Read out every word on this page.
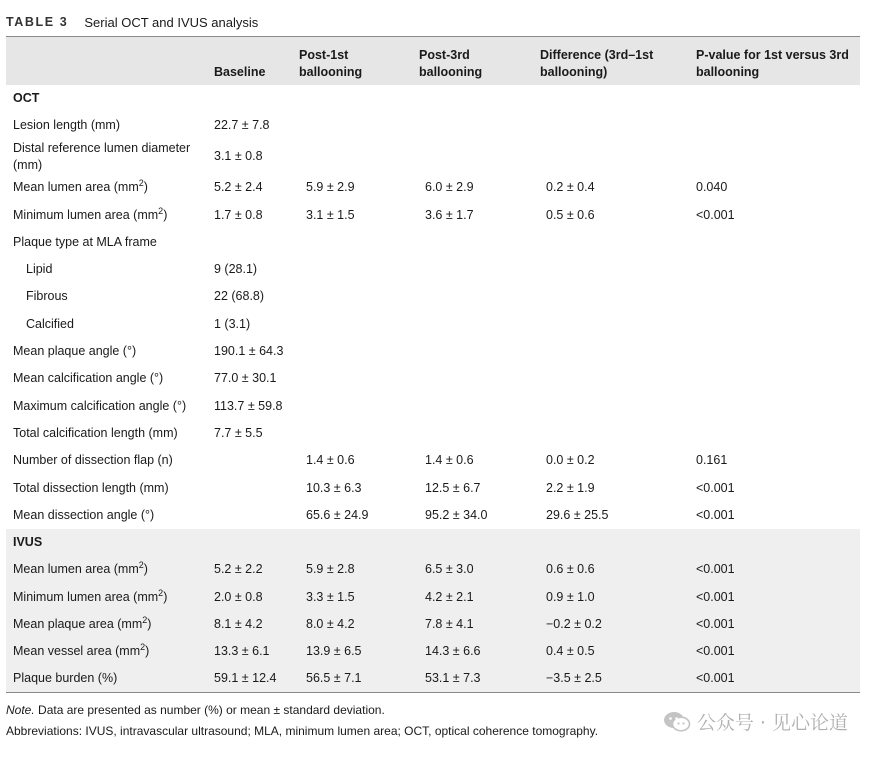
TABLE 3 Serial OCT and IVUS analysis
	Baseline	Post-1st ballooning	Post-3rd ballooning	Difference (3rd–1st ballooning)	P-value for 1st versus 3rd ballooning
OCT					
Lesion length (mm)	22.7 ± 7.8				
Distal reference lumen diameter (mm)	3.1 ± 0.8				
Mean lumen area $(mm^2)$	5.2 ± 2.4	5.9 ± 2.9	6.0 ± 2.9	0.2 ± 0.4	0.040
Minimum lumen area $(mm^2)$	1.7 ± 0.8	3.1 ± 1.5	3.6 ± 1.7	0.5 ± 0.6	<0.001
Plaque type at MLA frame					
Lipid	9 (28.1)				
Fibrous	22 (68.8)				
Calcified	1 (3.1)				
Mean plaque angle (°)	190.1 ± 64.3				
Mean calcification angle (°)	77.0 ± 30.1				
Maximum calcification angle (°)	113.7 ± 59.8				
Total calcification length (mm)	7.7 ± 5.5				
Number of dissection flap (n)		1.4 ± 0.6	1.4 ± 0.6	0.0 ± 0.2	0.161
Total dissection length (mm)		10.3 ± 6.3	12.5 ± 6.7	2.2 ± 1.9	<0.001
Mean dissection angle (°)		65.6 ± 24.9	95.2 ± 34.0	29.6 ± 25.5	<0.001
IVUS					
Mean lumen area $(mm^2)$	5.2 ± 2.2	5.9 ± 2.8	6.5 ± 3.0	0.6 ± 0.6	<0.001
Minimum lumen area $(mm^2)$	2.0 ± 0.8	3.3 ± 1.5	4.2 ± 2.1	0.9 ± 1.0	<0.001
Mean plaque area $(mm^2)$	8.1 ± 4.2	8.0 ± 4.2	7.8 ± 4.1	−0.2 ± 0.2	<0.001
Mean vessel area $(mm^2)$	13.3 ± 6.1	13.9 ± 6.5	14.3 ± 6.6	0.4 ± 0.5	<0.001
Plaque burden (%)	59.1 ± 12.4	56.5 ± 7.1	53.1 ± 7.3	−3.5 ± 2.5	<0.001
Note. Data are presented as number (%) or mean ± standard deviation.
Abbreviations: IVUS, intravascular ultrasound; MLA, minimum lumen area; OCT, optical coherence tomography.	公众号 · 见心论道
